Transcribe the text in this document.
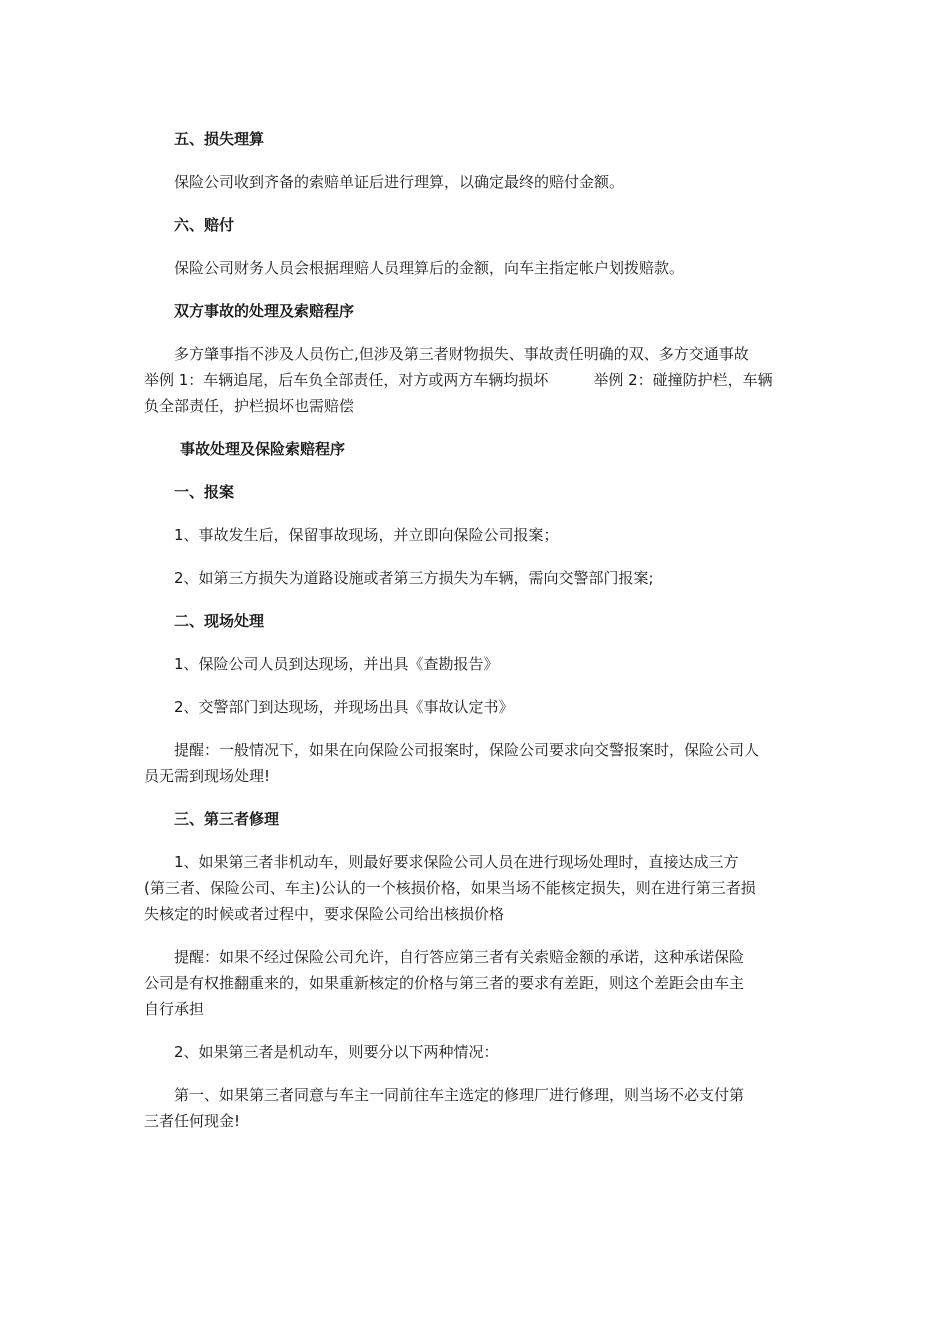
五、损失理算

保险公司收到齐备的索赔单证后进行理算，以确定最终的赔付金额。

六、赔付

保险公司财务人员会根据理赔人员理算后的金额，向车主指定帐户划拨赔款。

双方事故的处理及索赔程序

多方肇事指不涉及人员伤亡,但涉及第三者财物损失、事故责任明确的双、多方交通事故

举例 1：车辆追尾，后车负全部责任，对方或两方车辆均损坏　　　举例 2：碰撞防护栏，车辆

负全部责任，护栏损坏也需赔偿

事故处理及保险索赔程序

一、报案

1、事故发生后，保留事故现场，并立即向保险公司报案；

2、如第三方损失为道路设施或者第三方损失为车辆，需向交警部门报案;

二、现场处理

1、保险公司人员到达现场，并出具《查勘报告》

2、交警部门到达现场，并现场出具《事故认定书》

提醒：一般情况下，如果在向保险公司报案时，保险公司要求向交警报案时，保险公司人

员无需到现场处理!

三、第三者修理

1、如果第三者非机动车，则最好要求保险公司人员在进行现场处理时，直接达成三方

(第三者、保险公司、车主)公认的一个核损价格，如果当场不能核定损失，则在进行第三者损

失核定的时候或者过程中，要求保险公司给出核损价格

提醒：如果不经过保险公司允许，自行答应第三者有关索赔金额的承诺，这种承诺保险

公司是有权推翻重来的，如果重新核定的价格与第三者的要求有差距，则这个差距会由车主

自行承担

2、如果第三者是机动车，则要分以下两种情况：

第一、如果第三者同意与车主一同前往车主选定的修理厂进行修理，则当场不必支付第

三者任何现金!
